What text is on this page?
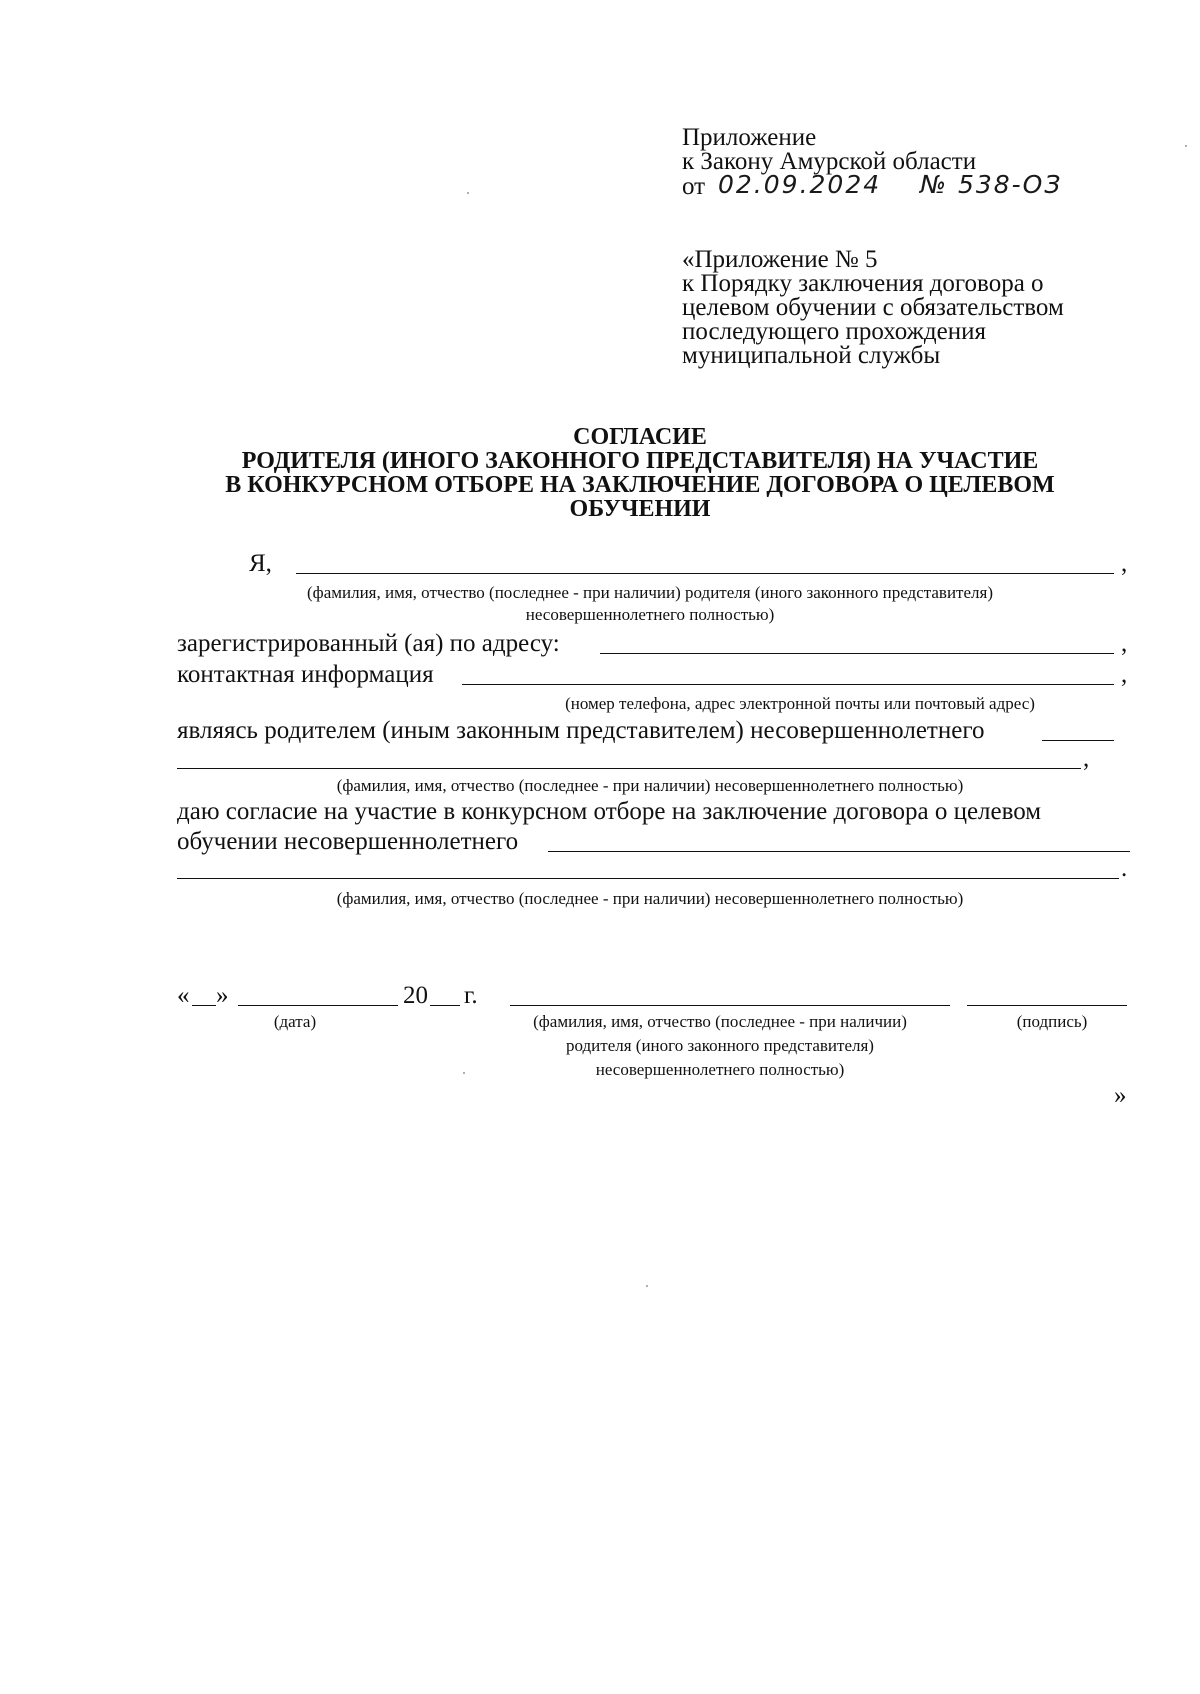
Приложение
к Закону Амурской области
от 02.09.2024 № 538-ОЗ
«Приложение № 5
к Порядку заключения договора о
целевом обучении с обязательством
последующего прохождения
муниципальной службы
СОГЛАСИЕ
РОДИТЕЛЯ (ИНОГО ЗАКОННОГО ПРЕДСТАВИТЕЛЯ) НА УЧАСТИЕ
В КОНКУРСНОМ ОТБОРЕ НА ЗАКЛЮЧЕНИЕ ДОГОВОРА О ЦЕЛЕВОМ
ОБУЧЕНИИ
Я,	,
(фамилия, имя, отчество (последнее - при наличии) родителя (иного законного представителя)
несовершеннолетнего полностью)
зарегистрированный (ая) по адресу:	,
контактная информация	,
(номер телефона, адрес электронной почты или почтовый адрес)
являясь родителем (иным законным представителем) несовершеннолетнего
,
(фамилия, имя, отчество (последнее - при наличии) несовершеннолетнего полностью)
даю согласие на участие в конкурсном отборе на заключение договора о целевом
обучении несовершеннолетнего
.
(фамилия, имя, отчество (последнее - при наличии) несовершеннолетнего полностью)
« »	20 г.
(дата)	(фамилия, имя, отчество (последнее - при наличии)
родителя (иного законного представителя)
несовершеннолетнего полностью)
(подпись)
»
